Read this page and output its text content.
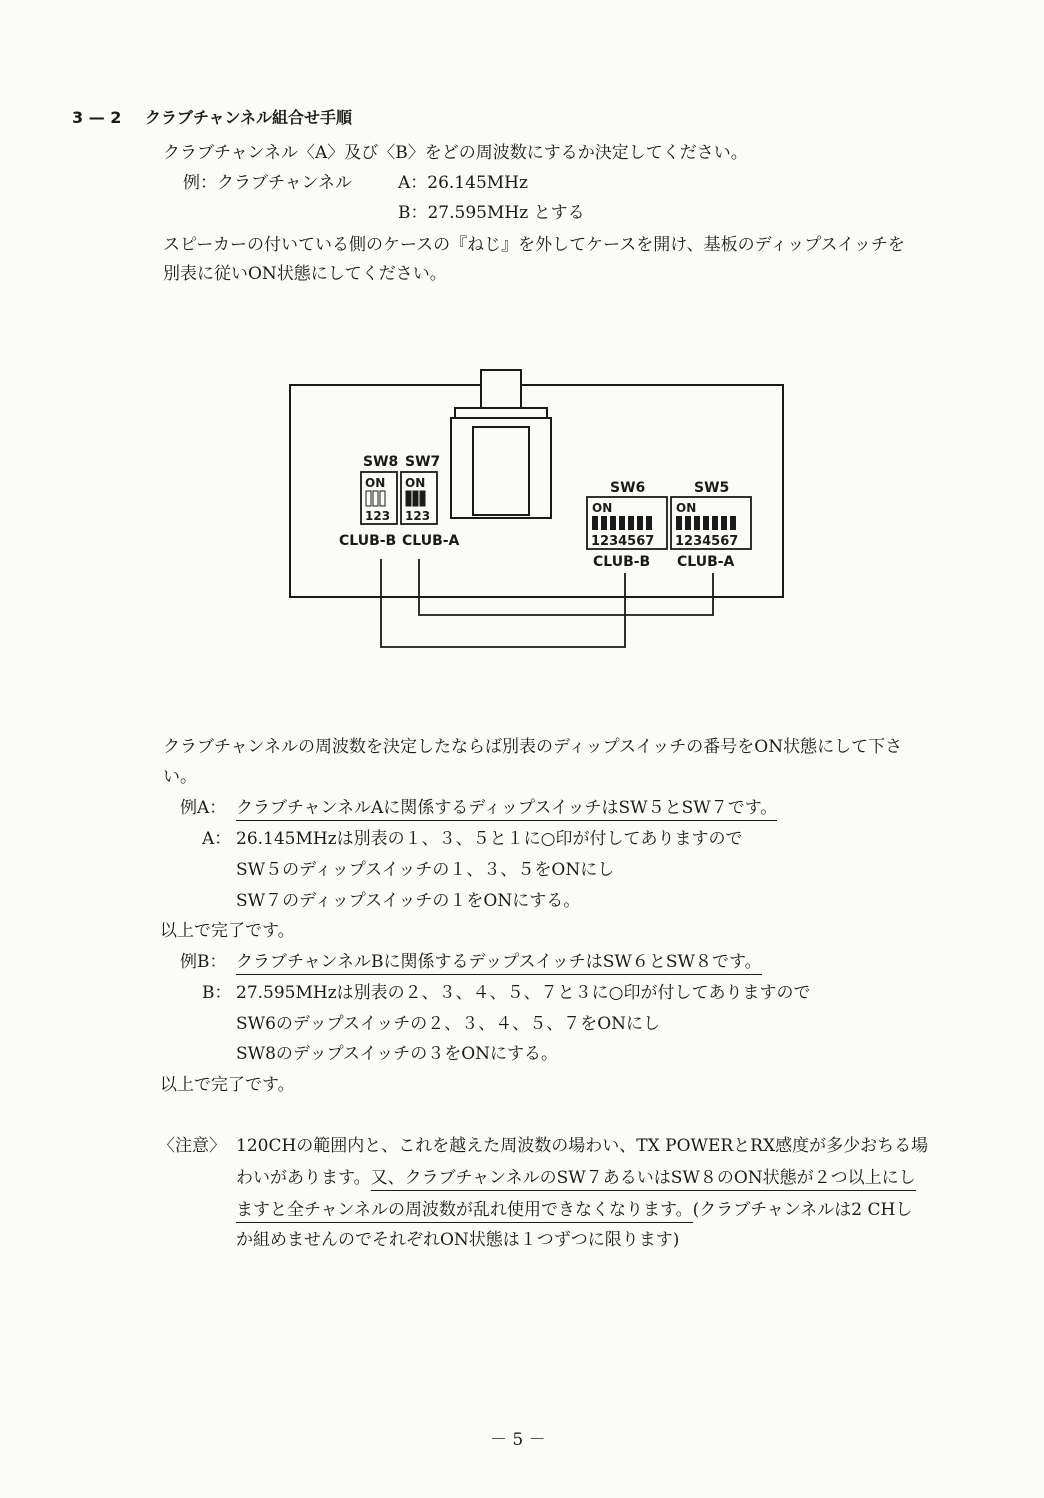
3 — 2 クラブチャンネル組合せ手順
クラブチャンネル〈A〉及び〈B〉をどの周波数にするか決定してください。
例：クラブチャンネル	A：26.145MHz
B：27.595MHz とする
スピーカーの付いている側のケースの『ねじ』を外してケースを開け、基板のディップスイッチを
別表に従いON状態にしてください。
SW8 SW7
ON
123
ON
123
CLUB-B CLUB-A
SW6	SW5
ON
1234567
ON
1234567
CLUB-B CLUB-A
クラブチャンネルの周波数を決定したならば別表のディップスイッチの番号をON状態にして下さ
い。
例A： クラブチャンネルAに関係するディップスイッチはSW５とSW７です。
A： 26.145MHzは別表の１、３、５と１に○印が付してありますので
SW５のディップスイッチの１、３、５をONにし
SW７のディップスイッチの１をONにする。
以上で完了です。
例B： クラブチャンネルBに関係するデップスイッチはSW６とSW８です。
B： 27.595MHzは別表の２、３、４、５、７と３に○印が付してありますので
SW6のデップスイッチの２、３、４、５、７をONにし
SW8のデップスイッチの３をONにする。
以上で完了です。
〈注意〉 120CHの範囲内と、これを越えた周波数の場わい、TX POWERとRX感度が多少おちる場
わいがあります。又、クラブチャンネルのSW７あるいはSW８のON状態が２つ以上にし
ますと全チャンネルの周波数が乱れ使用できなくなります。(クラブチャンネルは2 CHし
か組めませんのでそれぞれON状態は１つずつに限ります)
－ 5 －
